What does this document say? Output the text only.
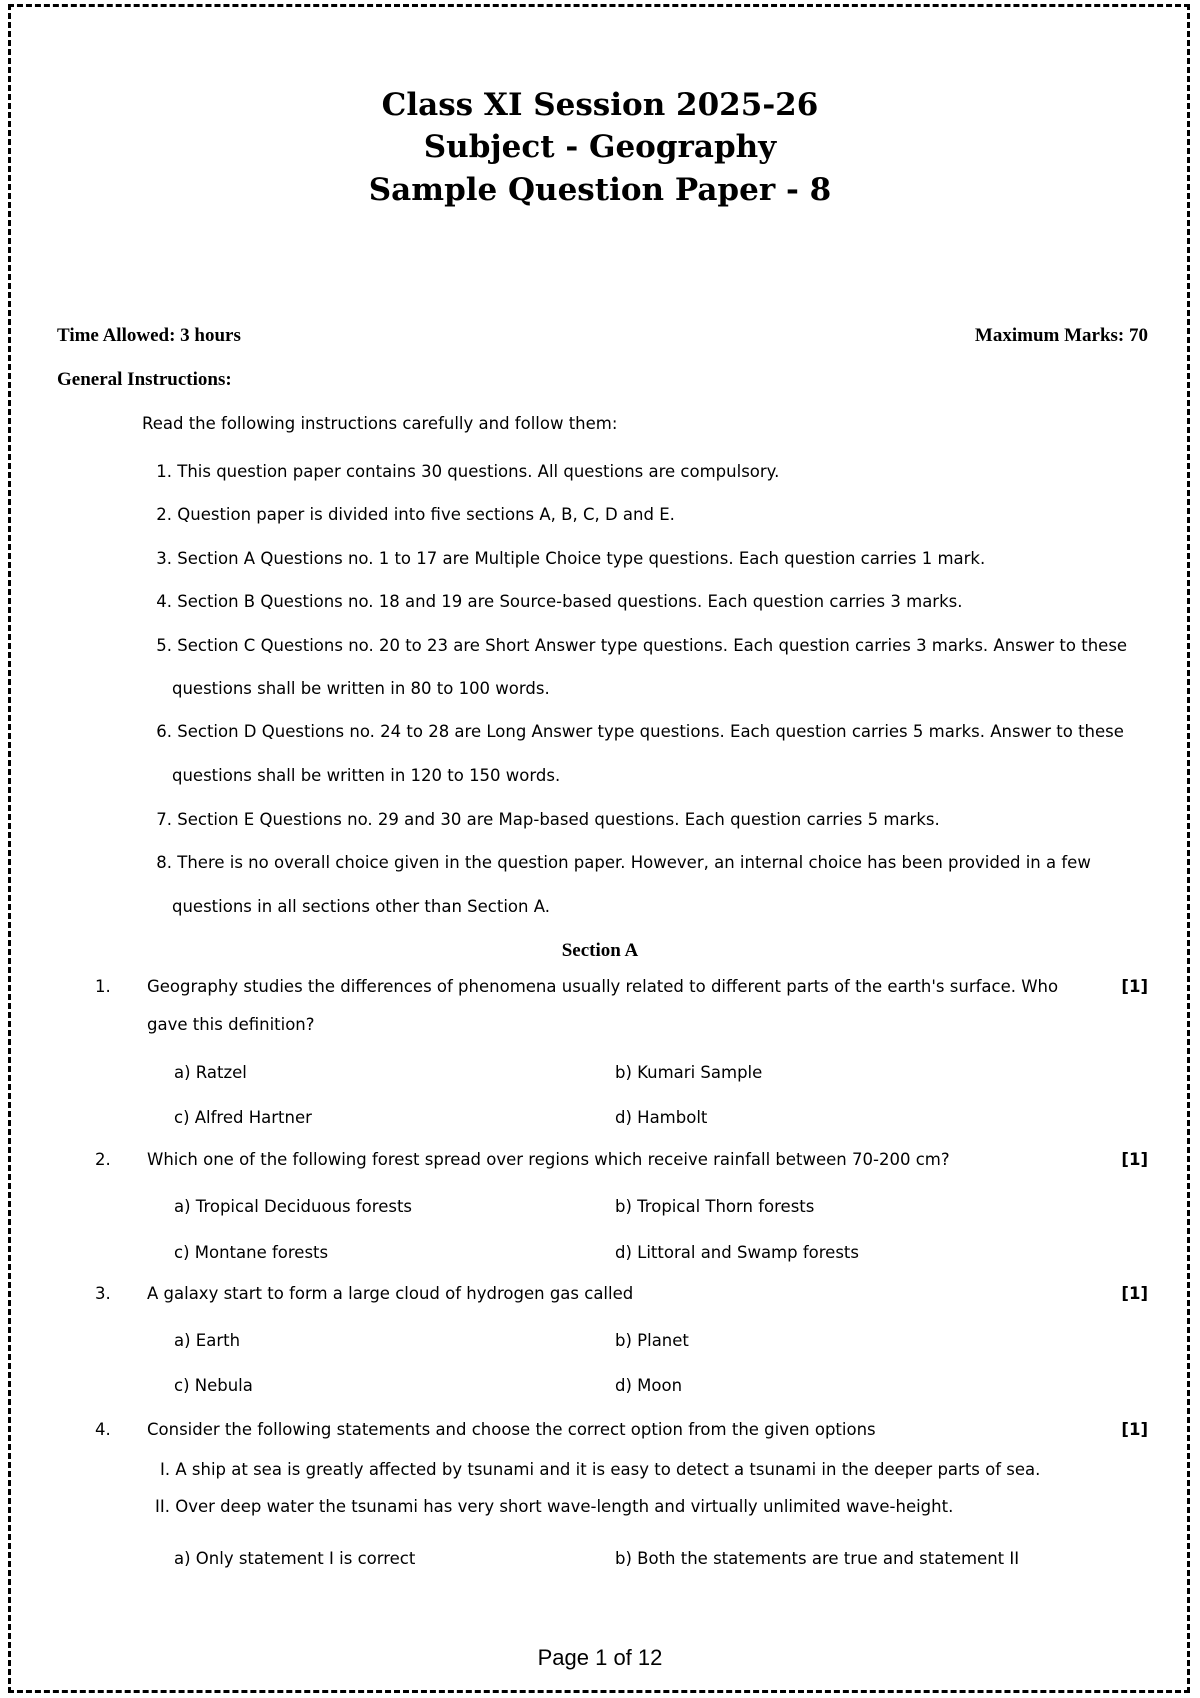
Class XI Session 2025-26
Subject - Geography
Sample Question Paper - 8
Time Allowed: 3 hours	Maximum Marks: 70
General Instructions:
Read the following instructions carefully and follow them:
1. This question paper contains 30 questions. All questions are compulsory.
2. Question paper is divided into five sections A, B, C, D and E.
3. Section A Questions no. 1 to 17 are Multiple Choice type questions. Each question carries 1 mark.
4. Section B Questions no. 18 and 19 are Source-based questions. Each question carries 3 marks.
5. Section C Questions no. 20 to 23 are Short Answer type questions. Each question carries 3 marks. Answer to these
questions shall be written in 80 to 100 words.
6. Section D Questions no. 24 to 28 are Long Answer type questions. Each question carries 5 marks. Answer to these
questions shall be written in 120 to 150 words.
7. Section E Questions no. 29 and 30 are Map-based questions. Each question carries 5 marks.
8. There is no overall choice given in the question paper. However, an internal choice has been provided in a few
questions in all sections other than Section A.
Section A
1. Geography studies the differences of phenomena usually related to different parts of the earth's surface. Who	[1]
gave this definition?
a) Ratzel	b) Kumari Sample
c) Alfred Hartner	d) Hambolt
2. Which one of the following forest spread over regions which receive rainfall between 70-200 cm?	[1]
a) Tropical Deciduous forests	b) Tropical Thorn forests
c) Montane forests	d) Littoral and Swamp forests
3. A galaxy start to form a large cloud of hydrogen gas called	[1]
a) Earth	b) Planet
c) Nebula	d) Moon
4. Consider the following statements and choose the correct option from the given options	[1]
I. A ship at sea is greatly affected by tsunami and it is easy to detect a tsunami in the deeper parts of sea.
II. Over deep water the tsunami has very short wave-length and virtually unlimited wave-height.
a) Only statement I is correct	b) Both the statements are true and statement II
Page 1 of 12
